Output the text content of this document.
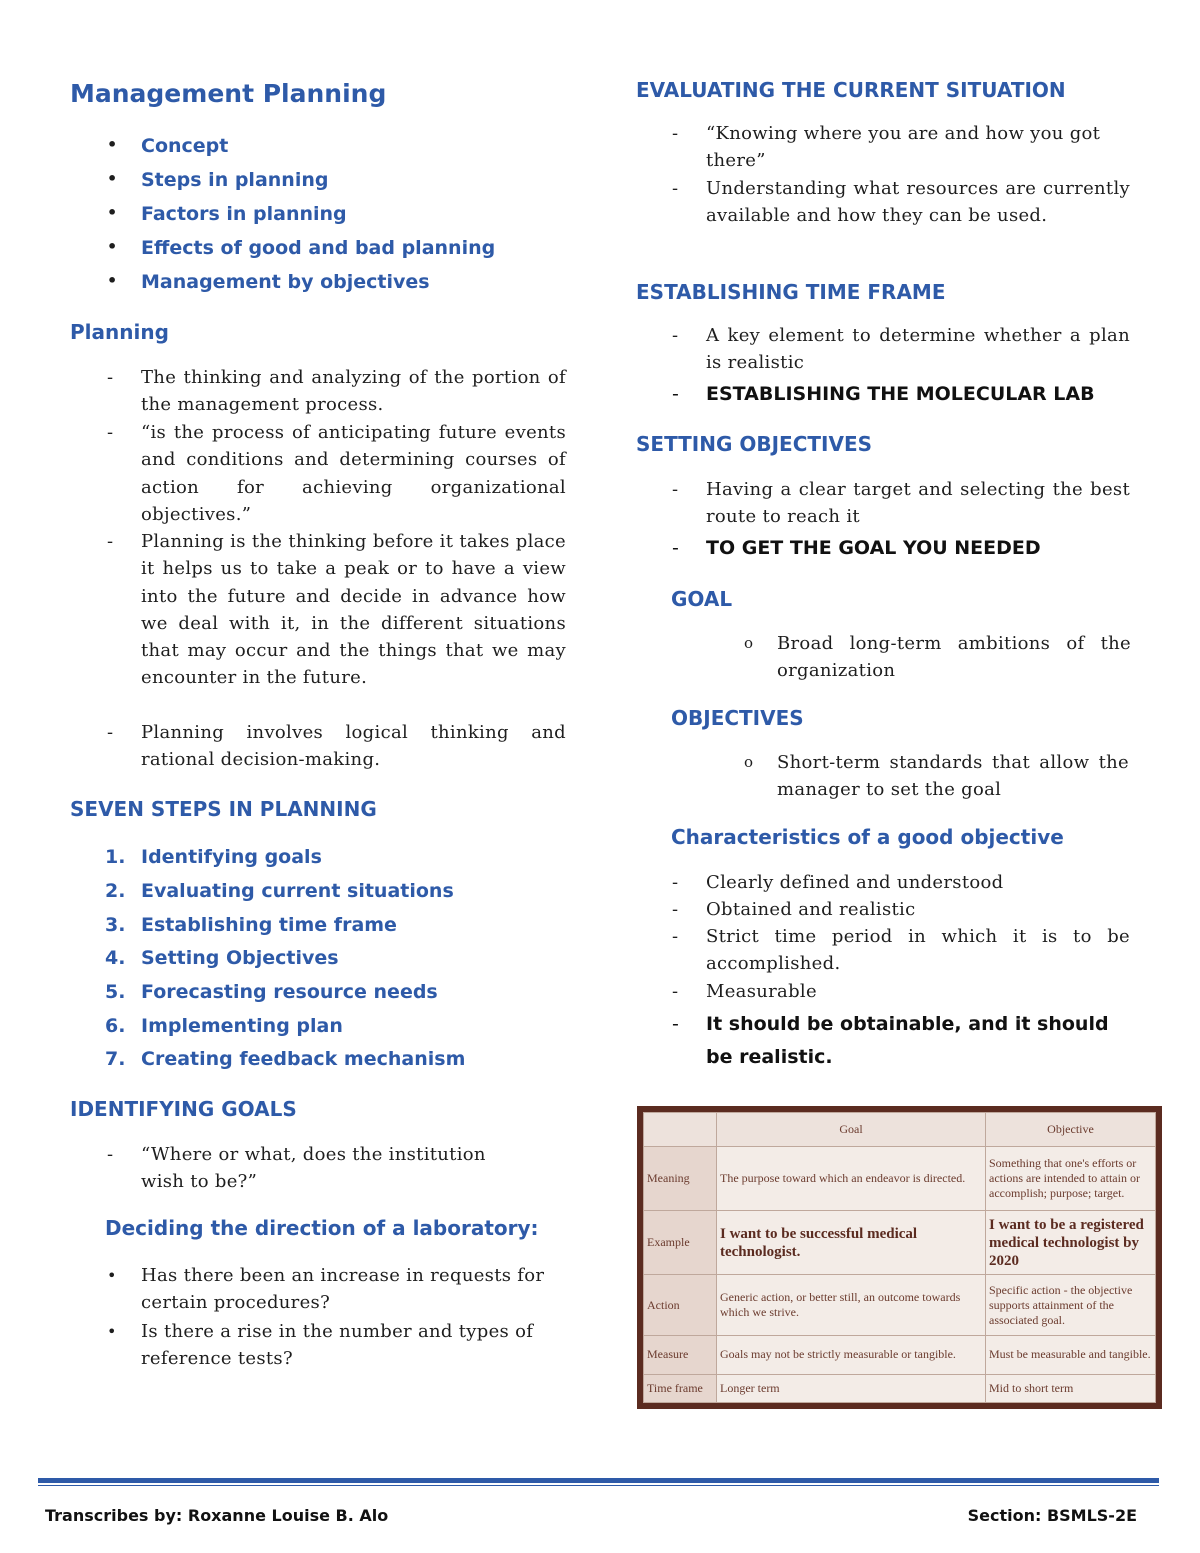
Management Planning
• Concept
• Steps in planning
• Factors in planning
• Effects of good and bad planning
• Management by objectives
Planning
- The thinking and analyzing of the portion of the management process.
- “is the process of anticipating future events and conditions and determining courses of action for achieving organizational objectives.”
- Planning is the thinking before it takes place it helps us to take a peak or to have a view into the future and decide in advance how we deal with it, in the different situations that may occur and the things that we may encounter in the future.
- Planning involves logical thinking and rational decision-making.
SEVEN STEPS IN PLANNING
1. Identifying goals
2. Evaluating current situations
3. Establishing time frame
4. Setting Objectives
5. Forecasting resource needs
6. Implementing plan
7. Creating feedback mechanism
IDENTIFYING GOALS
- “Where or what, does the institution wish to be?”
Deciding the direction of a laboratory:
• Has there been an increase in requests for certain procedures?
• Is there a rise in the number and types of reference tests?
EVALUATING THE CURRENT SITUATION
- “Knowing where you are and how you got there”
- Understanding what resources are currently available and how they can be used.
ESTABLISHING TIME FRAME
- A key element to determine whether a plan is realistic
- ESTABLISHING THE MOLECULAR LAB
SETTING OBJECTIVES
- Having a clear target and selecting the best route to reach it
- TO GET THE GOAL YOU NEEDED
GOAL
o Broad long-term ambitions of the organization
OBJECTIVES
o Short-term standards that allow the manager to set the goal
Characteristics of a good objective
- Clearly defined and understood
- Obtained and realistic
- Strict time period in which it is to be accomplished.
- Measurable
- It should be obtainable, and it should be realistic.
	Goal	Objective
Meaning	The purpose toward which an endeavor is directed.	Something that one's efforts or actions are intended to attain or accomplish; purpose; target.
Example	I want to be successful medical technologist.	I want to be a registered medical technologist by 2020
Action	Generic action, or better still, an outcome towards which we strive.	Specific action - the objective supports attainment of the associated goal.
Measure	Goals may not be strictly measurable or tangible.	Must be measurable and tangible.
Time frame	Longer term	Mid to short term
Transcribes by: Roxanne Louise B. Alo	Section: BSMLS-2E
